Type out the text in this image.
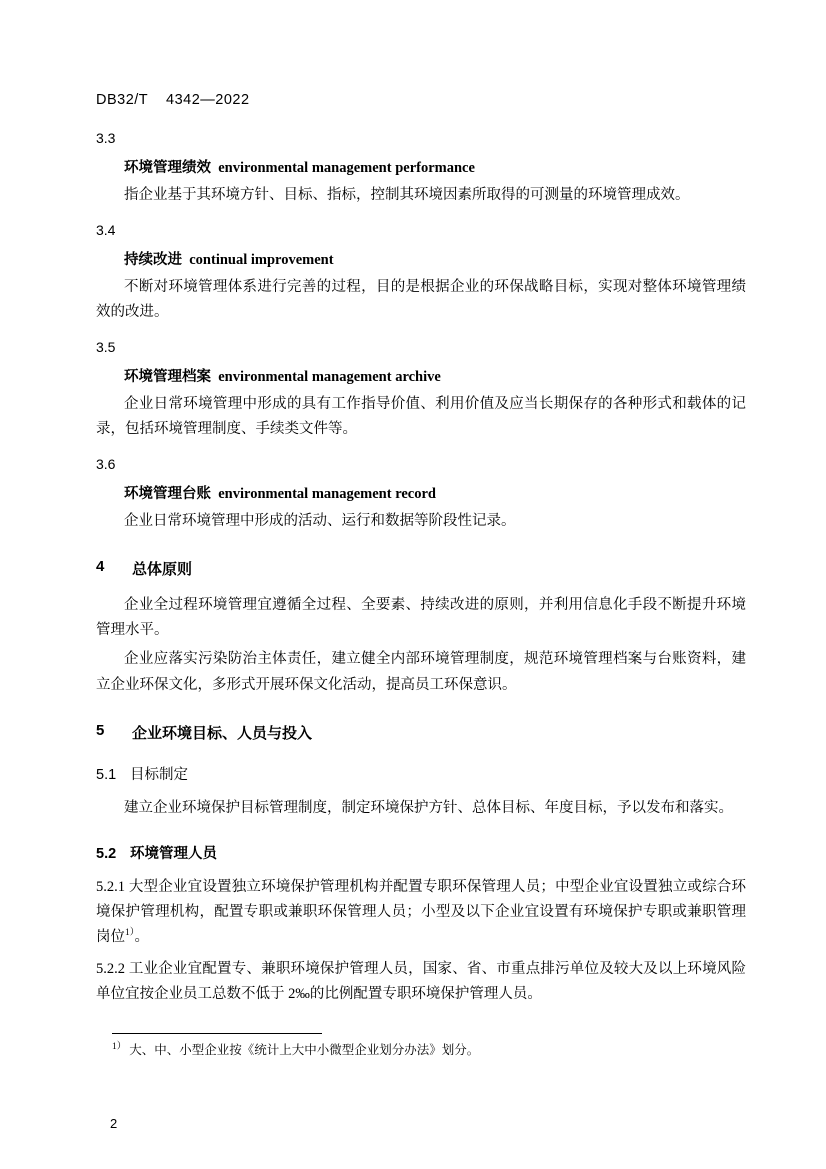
DB32/T    4342—2022
3.3
环境管理绩效 environmental management performance

指企业基于其环境方针、目标、指标，控制其环境因素所取得的可测量的环境管理成效。

3.4
持续改进 continual improvement

不断对环境管理体系进行完善的过程，目的是根据企业的环保战略目标，实现对整体环境管理绩效的改进。

3.5
环境管理档案 environmental management archive

企业日常环境管理中形成的具有工作指导价值、利用价值及应当长期保存的各种形式和载体的记录，包括环境管理制度、手续类文件等。

3.6
环境管理台账 environmental management record

企业日常环境管理中形成的活动、运行和数据等阶段性记录。

4	总体原则

企业全过程环境管理宜遵循全过程、全要素、持续改进的原则，并利用信息化手段不断提升环境管理水平。

企业应落实污染防治主体责任，建立健全内部环境管理制度，规范环境管理档案与台账资料，建立企业环保文化，多形式开展环保文化活动，提高员工环保意识。

5	企业环境目标、人员与投入
5.1 目标制定

建立企业环境保护目标管理制度，制定环境保护方针、总体目标、年度目标，予以发布和落实。

5.2 环境管理人员

5.2.1 大型企业宜设置独立环境保护管理机构并配置专职环保管理人员；中型企业宜设置独立或综合环境保护管理机构，配置专职或兼职环保管理人员；小型及以下企业宜设置有环境保护专职或兼职管理岗位$^{1)}$。

5.2.2 工业企业宜配置专、兼职环境保护管理人员，国家、省、市重点排污单位及较大及以上环境风险单位宜按企业员工总数不低于 2‰的比例配置专职环境保护管理人员。

$^{1)}$ 大、中、小型企业按《统计上大中小微型企业划分办法》划分。
2
